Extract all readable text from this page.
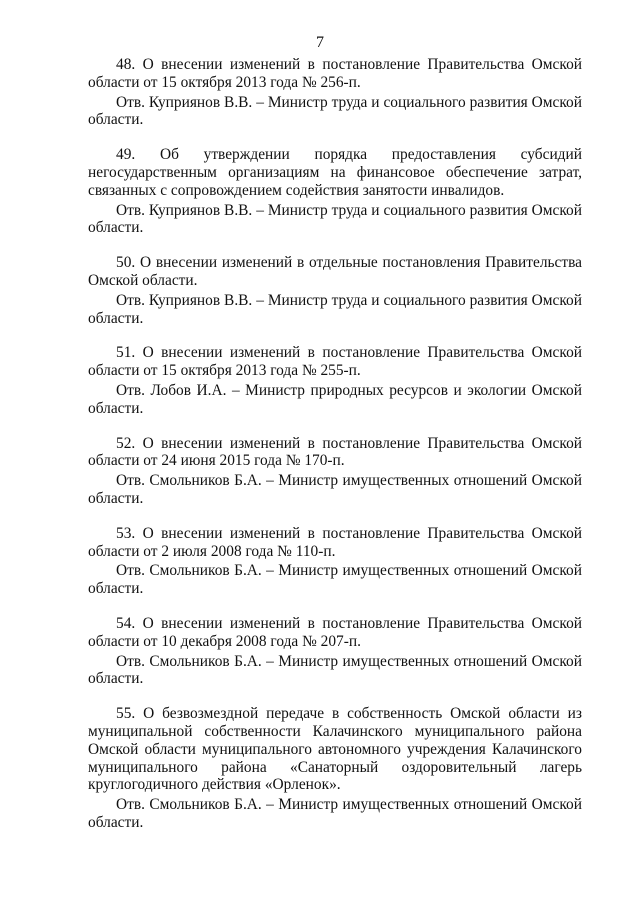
7

48. О внесении изменений в постановление Правительства Омской области от 15 октября 2013 года № 256-п.

Отв. Куприянов В.В. – Министр труда и социального развития Омской области.

49. Об утверждении порядка предоставления субсидий негосударственным организациям на финансовое обеспечение затрат, связанных с сопровождением содействия занятости инвалидов.

Отв. Куприянов В.В. – Министр труда и социального развития Омской области.

50. О внесении изменений в отдельные постановления Правительства Омской области.

Отв. Куприянов В.В. – Министр труда и социального развития Омской области.

51. О внесении изменений в постановление Правительства Омской области от 15 октября 2013 года № 255-п.

Отв. Лобов И.А. – Министр природных ресурсов и экологии Омской области.

52. О внесении изменений в постановление Правительства Омской области от 24 июня 2015 года № 170-п.

Отв. Смольников Б.А. – Министр имущественных отношений Омской области.

53. О внесении изменений в постановление Правительства Омской области от 2 июля 2008 года № 110-п.

Отв. Смольников Б.А. – Министр имущественных отношений Омской области.

54. О внесении изменений в постановление Правительства Омской области от 10 декабря 2008 года № 207-п.

Отв. Смольников Б.А. – Министр имущественных отношений Омской области.

55. О безвозмездной передаче в собственность Омской области из муниципальной собственности Калачинского муниципального района Омской области муниципального автономного учреждения Калачинского муниципального района «Санаторный оздоровительный лагерь круглогодичного действия «Орленок».

Отв. Смольников Б.А. – Министр имущественных отношений Омской области.
